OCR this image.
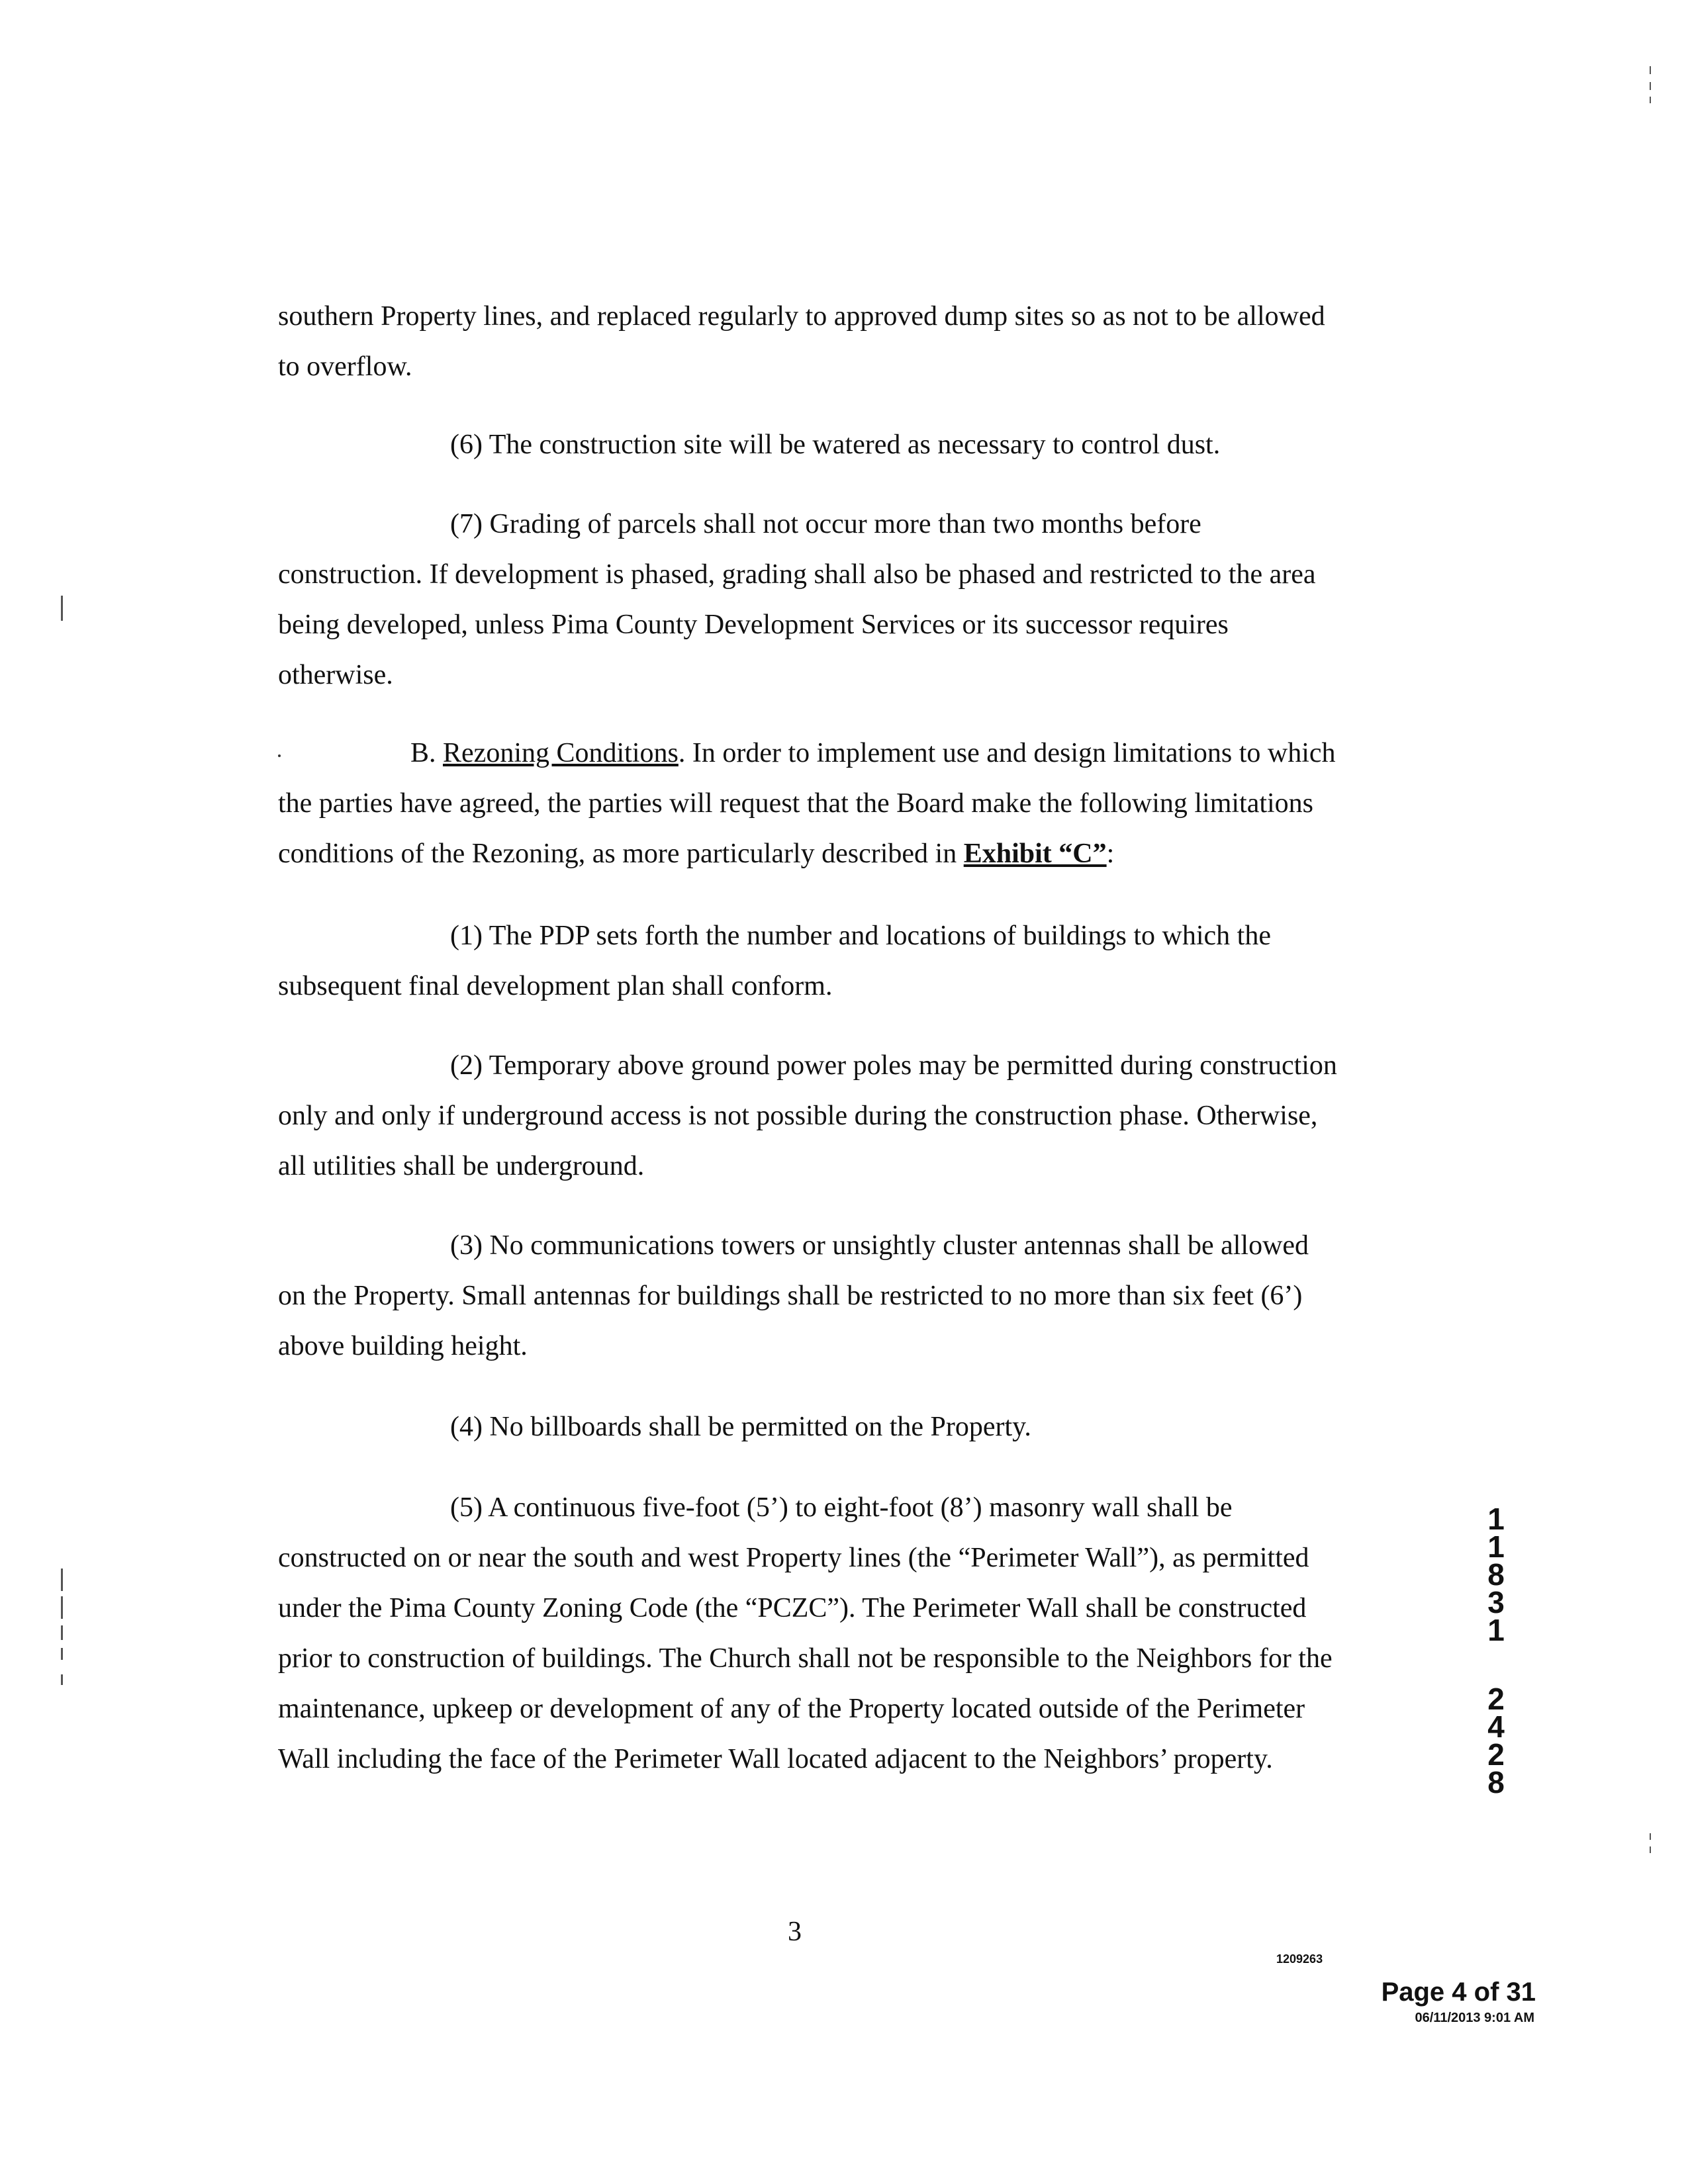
southern Property lines, and replaced regularly to approved dump sites so as not to be allowed to overflow.

(6) The construction site will be watered as necessary to control dust.

(7) Grading of parcels shall not occur more than two months before construction. If development is phased, grading shall also be phased and restricted to the area being developed, unless Pima County Development Services or its successor requires otherwise.

B. Rezoning Conditions. In order to implement use and design limitations to which the parties have agreed, the parties will request that the Board make the following limitations conditions of the Rezoning, as more particularly described in Exhibit “C”:

(1) The PDP sets forth the number and locations of buildings to which the subsequent final development plan shall conform.

(2) Temporary above ground power poles may be permitted during construction only and only if underground access is not possible during the construction phase. Otherwise, all utilities shall be underground.

(3) No communications towers or unsightly cluster antennas shall be allowed on the Property. Small antennas for buildings shall be restricted to no more than six feet (6’) above building height.

(4) No billboards shall be permitted on the Property.

(5) A continuous five-foot (5’) to eight-foot (8’) masonry wall shall be constructed on or near the south and west Property lines (the “Perimeter Wall”), as permitted under the Pima County Zoning Code (the “PCZC”). The Perimeter Wall shall be constructed prior to construction of buildings. The Church shall not be responsible to the Neighbors for the maintenance, upkeep or development of any of the Property located outside of the Perimeter Wall including the face of the Perimeter Wall located adjacent to the Neighbors’ property.

1
1
8
3
1
2
4
2
8
3
1209263
Page 4 of 31
06/11/2013 9:01 AM
